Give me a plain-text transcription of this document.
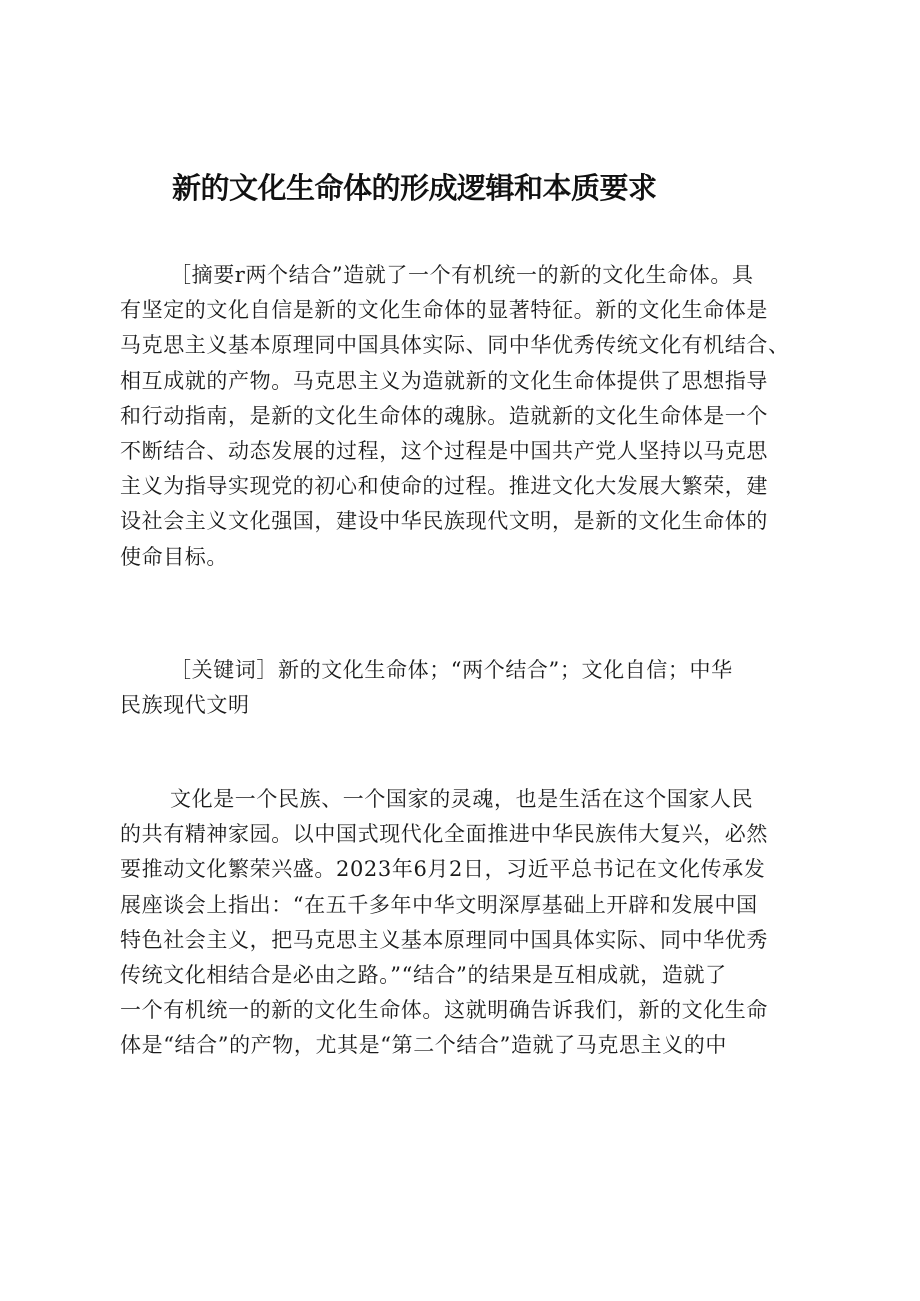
新的文化生命体的形成逻辑和本质要求
［摘要r两个结合”造就了一个有机统一的新的文化生命体。具
有坚定的文化自信是新的文化生命体的显著特征。新的文化生命体是
马克思主义基本原理同中国具体实际、同中华优秀传统文化有机结合、
相互成就的产物。马克思主义为造就新的文化生命体提供了思想指导
和行动指南，是新的文化生命体的魂脉。造就新的文化生命体是一个
不断结合、动态发展的过程，这个过程是中国共产党人坚持以马克思
主义为指导实现党的初心和使命的过程。推进文化大发展大繁荣，建
设社会主义文化强国，建设中华民族现代文明，是新的文化生命体的
使命目标。
［关键词］新的文化生命体；“两个结合”；文化自信；中华
民族现代文明
文化是一个民族、一个国家的灵魂，也是生活在这个国家人民
的共有精神家园。以中国式现代化全面推进中华民族伟大复兴，必然
要推动文化繁荣兴盛。2023年6月2日，习近平总书记在文化传承发
展座谈会上指出：“在五千多年中华文明深厚基础上开辟和发展中国
特色社会主义，把马克思主义基本原理同中国具体实际、同中华优秀
传统文化相结合是必由之路。”“结合”的结果是互相成就，造就了
一个有机统一的新的文化生命体。这就明确告诉我们，新的文化生命
体是“结合”的产物，尤其是“第二个结合”造就了马克思主义的中
